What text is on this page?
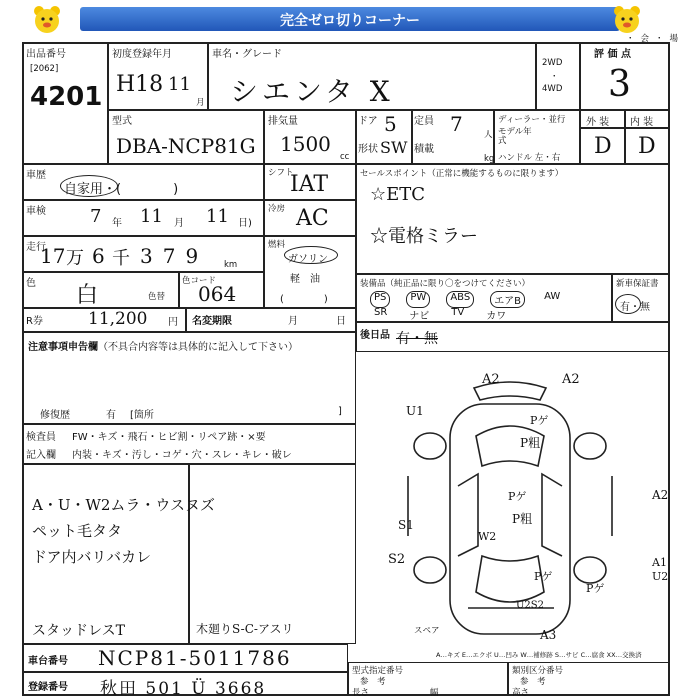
完全ゼロ切りコーナー
・会・場
出品番号
[2062]
4201
初度登録年月
H18 11
月
車名・グレード
シエンタ X
2WD
・
4WD
評 価 点
3
型式
DBA-NCP81G
排気量
1500
cc
ドア 5
形状 SW
定員 7	人
積載
kg
ディーラー・並行
モデル年式
ハンドル 左・右
外 装 内 装
D D
車歴
自家用・(　　　　)
シフト
IAT	セールスポイント（正常に機能するものに限ります）
☆ETC
☆電格ミラー
車検 7 年 11 月 11 日)
冷房 AC
走行
17 万 6 千 379 km
燃料
ガソリン
軽　油
(　　　　)
色 白	色替
色コード
064	装備品（純正品に限り〇をつけてください）
PS	PW	ABS	エアB	AW
SR ナビ TV カワ
新車保証書
有・無
R券	11,200 円 名変期限	月	日
後日品 有・無
注意事項申告欄（不具合内容等は具体的に記入して下さい）
修復歴	有 [箇所	]
検査員
記入欄
FW・キズ・飛石・ヒビ割・リペア跡・×要
内装・キズ・汚し・コゲ・穴・スレ・キレ・破レ
A・U・W2ムラ・ウスヌズ
ペット毛タタ
ドア内バリバカレ
スタッドレスT	木廻りS-C-アスリ
A2	A2
U1
Pゲ
P粗
Pゲ
P粗
A2
W2
S1
S2	A1
U2
Pゲ
Pゲ
U2S2
A3
スペア
A…キズ E…エクボ U…凹み W…補修跡 S…サビ C…腐食 XX…交換済
車台番号 NCP81-5011786
登録番号 秋田 501 Ü 3668
型式指定番号
参　考
長さ	幅
類別区分番号
参　考
高さ
